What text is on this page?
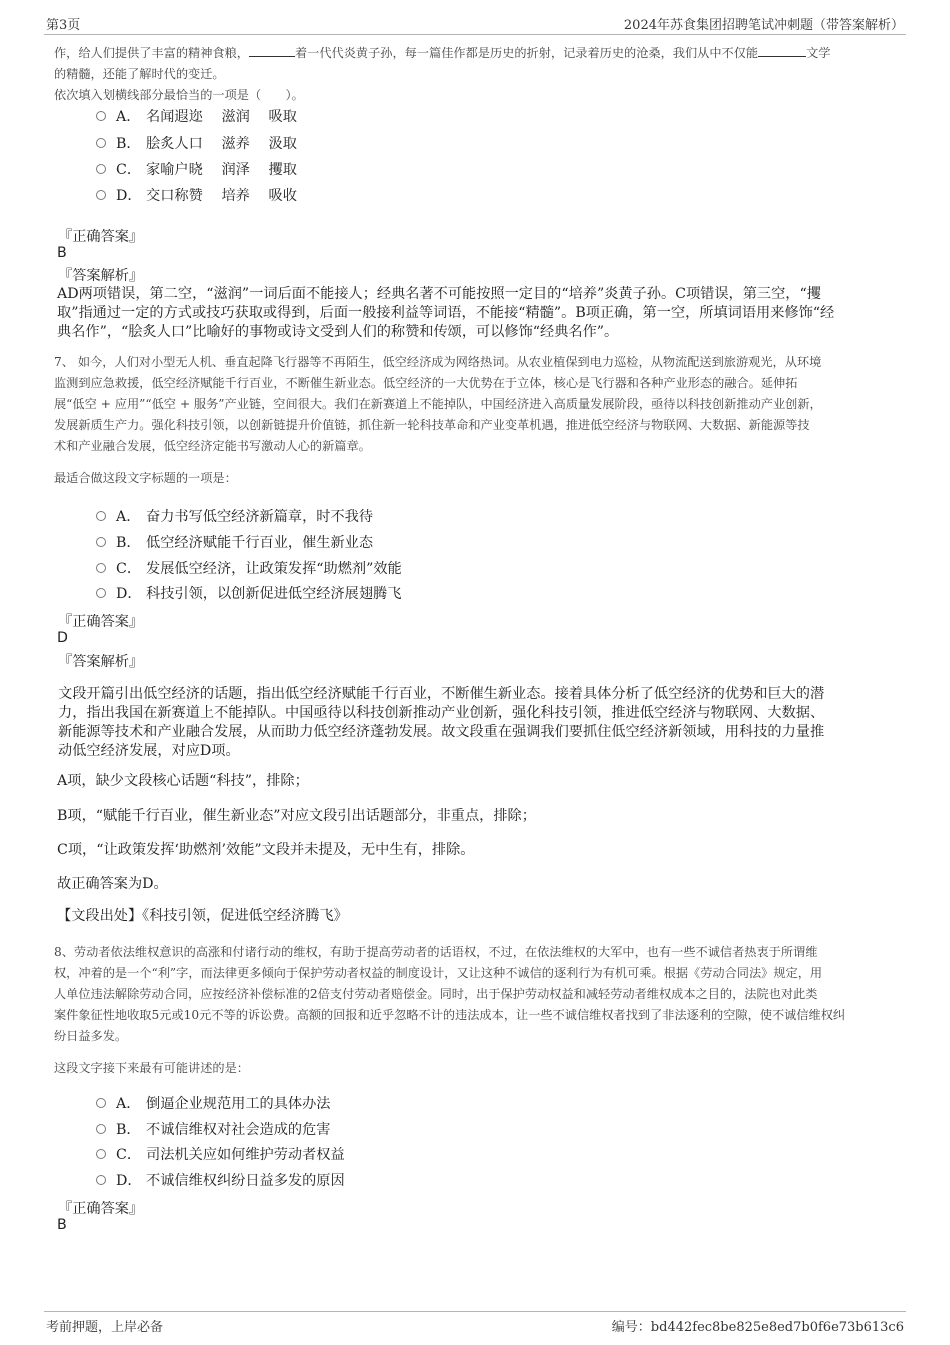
第3页	2024年苏食集团招聘笔试冲刺题（带答案解析）
作，给人们提供了丰富的精神食粮，	着一代代炎黄子孙，每一篇佳作都是历史的折射，记录着历史的沧桑，我们从中不仅能	文学
的精髓，还能了解时代的变迁。
依次填入划横线部分最恰当的一项是（　　）。
A． 名闻遐迩　 滋润　 吸取
B． 脍炙人口　 滋养　 汲取
C． 家喻户晓　 润泽　 攫取
D． 交口称赞　 培养　 吸收
『正确答案』
B
『答案解析』
AD两项错误，第二空，“滋润”一词后面不能接人；经典名著不可能按照一定目的“培养”炎黄子孙。C项错误，第三空，“攫
取”指通过一定的方式或技巧获取或得到，后面一般接利益等词语，不能接“精髓”。B项正确，第一空，所填词语用来修饰“经
典名作”，“脍炙人口”比喻好的事物或诗文受到人们的称赞和传颂，可以修饰“经典名作”。
7、 如今，人们对小型无人机、垂直起降飞行器等不再陌生，低空经济成为网络热词。从农业植保到电力巡检，从物流配送到旅游观光，从环境
监测到应急救援，低空经济赋能千行百业，不断催生新业态。低空经济的一大优势在于立体，核心是飞行器和各种产业形态的融合。延伸拓
展“低空 + 应用”“低空 + 服务”产业链，空间很大。我们在新赛道上不能掉队，中国经济进入高质量发展阶段，亟待以科技创新推动产业创新，
发展新质生产力。强化科技引领，以创新链提升价值链，抓住新一轮科技革命和产业变革机遇，推进低空经济与物联网、大数据、新能源等技
术和产业融合发展，低空经济定能书写激动人心的新篇章。
最适合做这段文字标题的一项是：
A． 奋力书写低空经济新篇章，时不我待
B． 低空经济赋能千行百业，催生新业态
C． 发展低空经济，让政策发挥“助燃剂”效能
D． 科技引领，以创新促进低空经济展翅腾飞
『正确答案』
D
『答案解析』
文段开篇引出低空经济的话题，指出低空经济赋能千行百业，不断催生新业态。接着具体分析了低空经济的优势和巨大的潜
力，指出我国在新赛道上不能掉队。中国亟待以科技创新推动产业创新，强化科技引领，推进低空经济与物联网、大数据、
新能源等技术和产业融合发展，从而助力低空经济蓬勃发展。故文段重在强调我们要抓住低空经济新领域，用科技的力量推
动低空经济发展，对应D项。
A项，缺少文段核心话题“科技”，排除；
B项，“赋能千行百业，催生新业态”对应文段引出话题部分，非重点，排除；
C项，“让政策发挥‘助燃剂’效能”文段并未提及，无中生有，排除。
故正确答案为D。
【文段出处】《科技引领，促进低空经济腾飞》
8、劳动者依法维权意识的高涨和付诸行动的维权，有助于提高劳动者的话语权，不过，在依法维权的大军中，也有一些不诚信者热衷于所谓维
权，冲着的是一个“利”字，而法律更多倾向于保护劳动者权益的制度设计，又让这种不诚信的逐利行为有机可乘。根据《劳动合同法》规定，用
人单位违法解除劳动合同，应按经济补偿标准的2倍支付劳动者赔偿金。同时，出于保护劳动权益和减轻劳动者维权成本之目的，法院也对此类
案件象征性地收取5元或10元不等的诉讼费。高额的回报和近乎忽略不计的违法成本，让一些不诚信维权者找到了非法逐利的空隙，使不诚信维权纠
纷日益多发。
这段文字接下来最有可能讲述的是：
A． 倒逼企业规范用工的具体办法
B． 不诚信维权对社会造成的危害
C． 司法机关应如何维护劳动者权益
D． 不诚信维权纠纷日益多发的原因
『正确答案』
B
考前押题，上岸必备	编号：bd442fec8be825e8ed7b0f6e73b613c6
